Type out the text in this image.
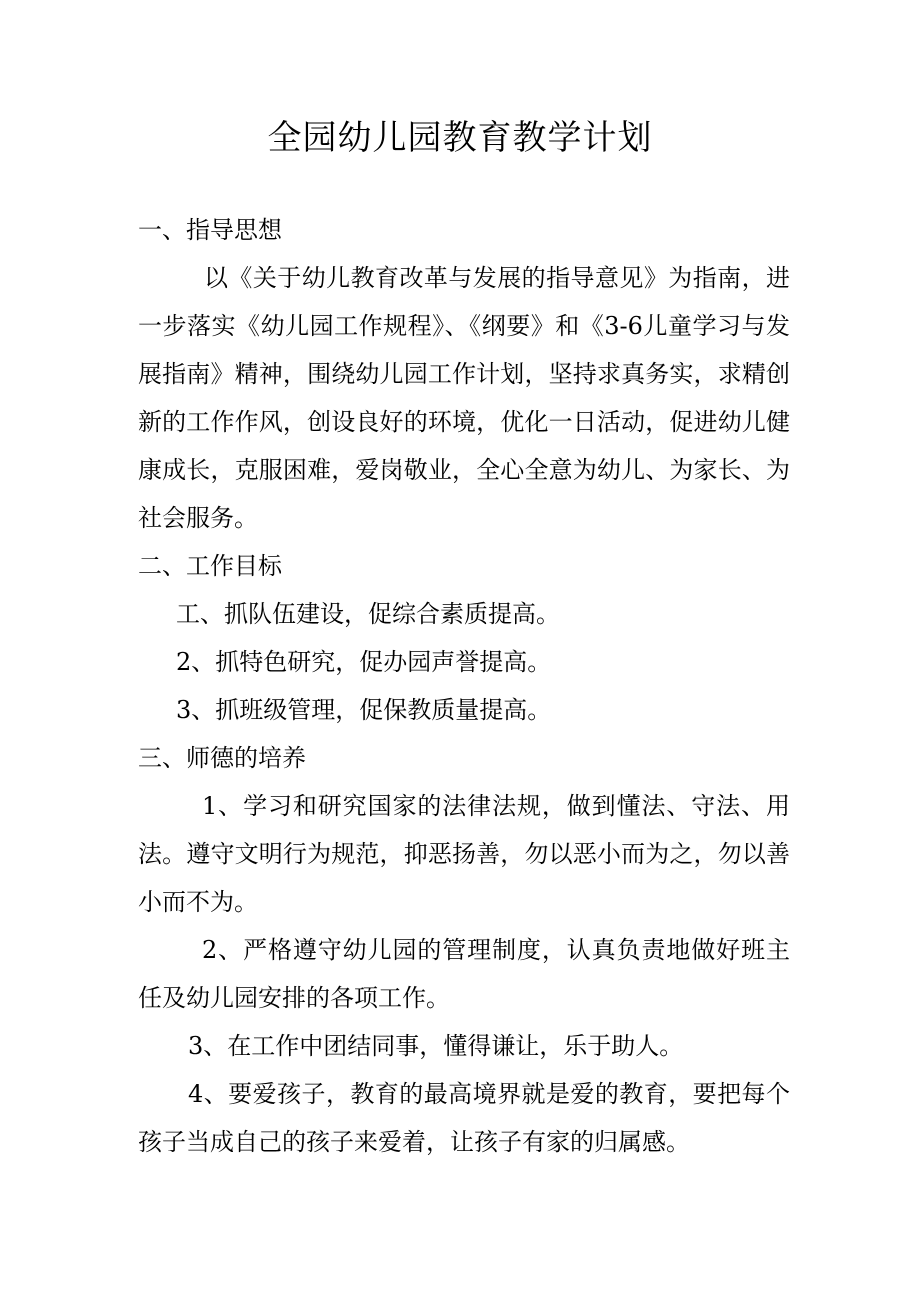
全园幼儿园教育教学计划

一、指导思想

以《关于幼儿教育改革与发展的指导意见》为指南，进一步落实《幼儿园工作规程》、《纲要》和《3-6儿童学习与发展指南》精神，围绕幼儿园工作计划，坚持求真务实，求精创新的工作作风，创设良好的环境，优化一日活动，促进幼儿健康成长，克服困难，爱岗敬业，全心全意为幼儿、为家长、为社会服务。

二、工作目标

工、抓队伍建设，促综合素质提高。

2、抓特色研究，促办园声誉提高。

3、抓班级管理，促保教质量提高。

三、师德的培养

1、学习和研究国家的法律法规，做到懂法、守法、用法。遵守文明行为规范，抑恶扬善，勿以恶小而为之，勿以善小而不为。

2、严格遵守幼儿园的管理制度，认真负责地做好班主任及幼儿园安排的各项工作。

3、在工作中团结同事，懂得谦让，乐于助人。

4、要爱孩子，教育的最高境界就是爱的教育，要把每个孩子当成自己的孩子来爱着，让孩子有家的归属感。
